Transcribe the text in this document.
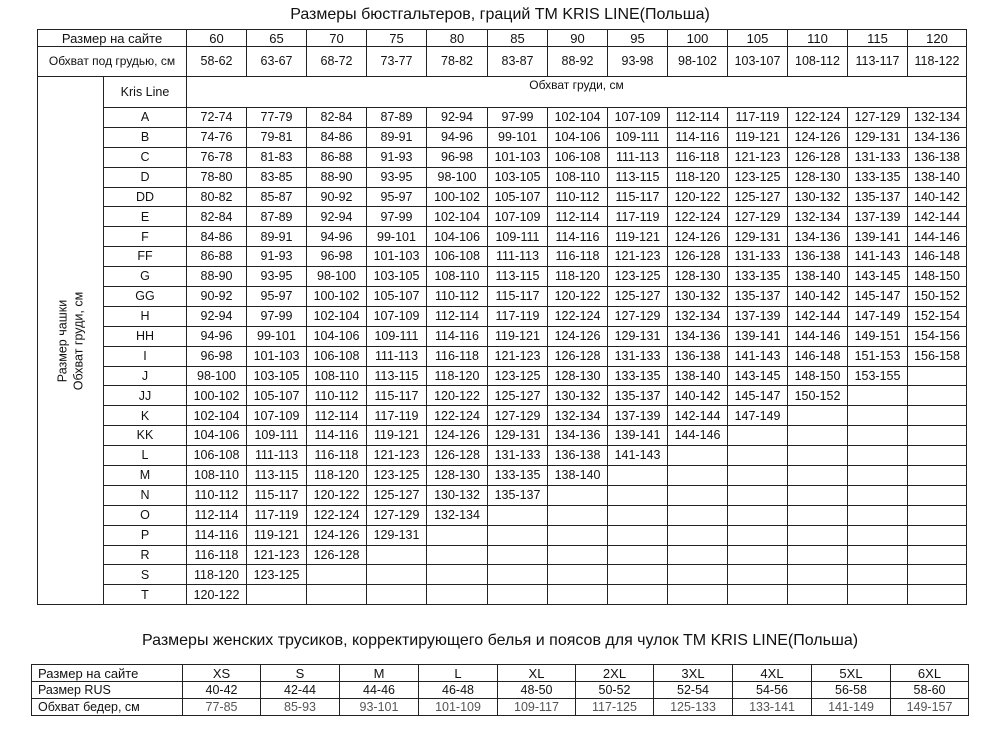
Размеры бюстгальтеров, граций ТМ KRIS LINE(Польша)
Размер на сайте		60	65	70	75	80	85	90	95	100	105	110	115	120
Обхват под грудью, см		58-62	63-67	68-72	73-77	78-82	83-87	88-92	93-98	98-102	103-107	108-112	113-117	118-122

Размер чашки Обхват груди, см	Kris Line	Обхват груди, см												
	A	72-74	77-79	82-84	87-89	92-94	97-99	102-104	107-109	112-114	117-119	122-124	127-129	132-134
	B	74-76	79-81	84-86	89-91	94-96	99-101	104-106	109-111	114-116	119-121	124-126	129-131	134-136
	C	76-78	81-83	86-88	91-93	96-98	101-103	106-108	111-113	116-118	121-123	126-128	131-133	136-138
	D	78-80	83-85	88-90	93-95	98-100	103-105	108-110	113-115	118-120	123-125	128-130	133-135	138-140
	DD	80-82	85-87	90-92	95-97	100-102	105-107	110-112	115-117	120-122	125-127	130-132	135-137	140-142
	E	82-84	87-89	92-94	97-99	102-104	107-109	112-114	117-119	122-124	127-129	132-134	137-139	142-144
	F	84-86	89-91	94-96	99-101	104-106	109-111	114-116	119-121	124-126	129-131	134-136	139-141	144-146
	FF	86-88	91-93	96-98	101-103	106-108	111-113	116-118	121-123	126-128	131-133	136-138	141-143	146-148
	G	88-90	93-95	98-100	103-105	108-110	113-115	118-120	123-125	128-130	133-135	138-140	143-145	148-150
	GG	90-92	95-97	100-102	105-107	110-112	115-117	120-122	125-127	130-132	135-137	140-142	145-147	150-152
	H	92-94	97-99	102-104	107-109	112-114	117-119	122-124	127-129	132-134	137-139	142-144	147-149	152-154
	HH	94-96	99-101	104-106	109-111	114-116	119-121	124-126	129-131	134-136	139-141	144-146	149-151	154-156
	I	96-98	101-103	106-108	111-113	116-118	121-123	126-128	131-133	136-138	141-143	146-148	151-153	156-158
	J	98-100	103-105	108-110	113-115	118-120	123-125	128-130	133-135	138-140	143-145	148-150	153-155	
	JJ	100-102	105-107	110-112	115-117	120-122	125-127	130-132	135-137	140-142	145-147	150-152		
	K	102-104	107-109	112-114	117-119	122-124	127-129	132-134	137-139	142-144	147-149			
	KK	104-106	109-111	114-116	119-121	124-126	129-131	134-136	139-141	144-146				
	L	106-108	111-113	116-118	121-123	126-128	131-133	136-138	141-143					
	M	108-110	113-115	118-120	123-125	128-130	133-135	138-140						
	N	110-112	115-117	120-122	125-127	130-132	135-137							
	O	112-114	117-119	122-124	127-129	132-134								
	P	114-116	119-121	124-126	129-131									
	R	116-118	121-123	126-128										
	S	118-120	123-125											
	T	120-122												
Размеры женских трусиков, корректирующего белья и поясов для чулок ТМ KRIS LINE(Польша)
Размер на сайте	XS	S	M	L	XL	2XL	3XL	4XL	5XL	6XL
Размер RUS	40-42	42-44	44-46	46-48	48-50	50-52	52-54	54-56	56-58	58-60
Обхват бедер, см	77-85	85-93	93-101	101-109	109-117	117-125	125-133	133-141	141-149	149-157
